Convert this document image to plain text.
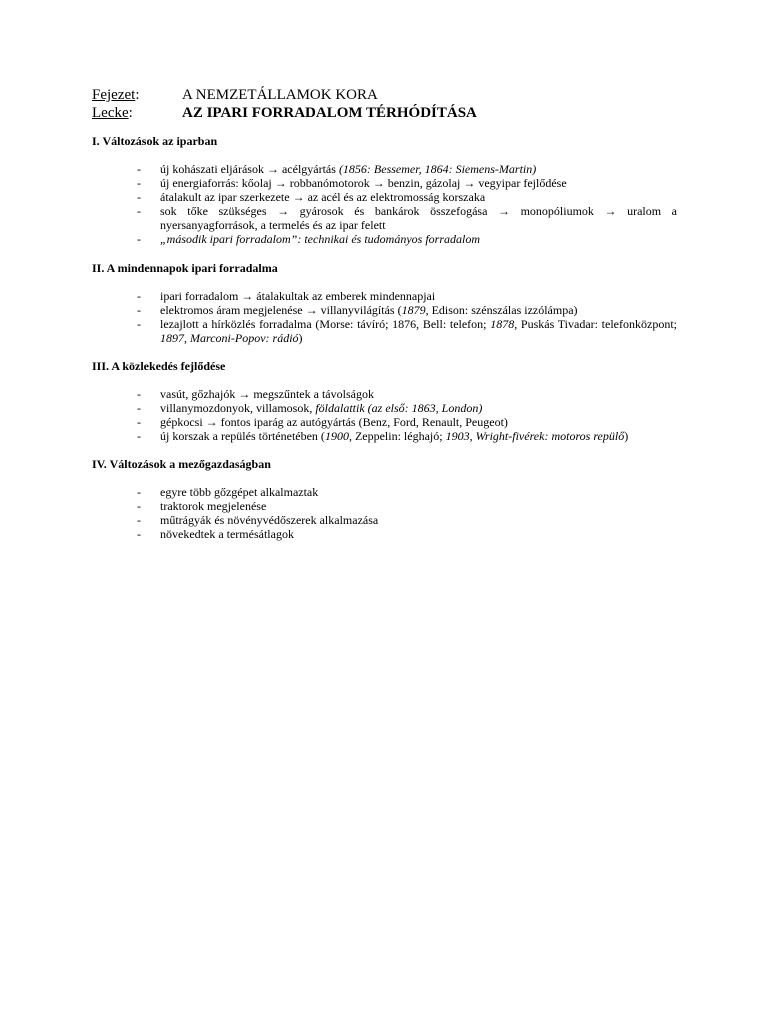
Fejezet:	A NEMZETÁLLAMOK KORA
Lecke:	AZ IPARI FORRADALOM TÉRHÓDÍTÁSA
I. Változások az iparban
- új kohászati eljárások → acélgyártás (1856: Bessemer, 1864: Siemens-Martin)
- új energiaforrás: kőolaj → robbanómotorok → benzin, gázolaj → vegyipar fejlődése
- átalakult az ipar szerkezete → az acél és az elektromosság korszaka
- sok tőke szükséges → gyárosok és bankárok összefogása → monopóliumok → uralom a nyersanyagforrások, a termelés és az ipar felett
- „második ipari forradalom”: technikai és tudományos forradalom
II. A mindennapok ipari forradalma
- ipari forradalom → átalakultak az emberek mindennapjai
- elektromos áram megjelenése → villanyvilágítás (1879, Edison: szénszálas izzólámpa)
- lezajlott a hírközlés forradalma (Morse: távíró; 1876, Bell: telefon; 1878, Puskás Tivadar: telefonközpont; 1897, Marconi-Popov: rádió)
III. A közlekedés fejlődése
- vasút, gőzhajók → megszűntek a távolságok
- villanymozdonyok, villamosok, földalattik (az első: 1863, London)
- gépkocsi → fontos iparág az autógyártás (Benz, Ford, Renault, Peugeot)
- új korszak a repülés történetében (1900, Zeppelin: léghajó; 1903, Wright-fivérek: motoros repülő)
IV. Változások a mezőgazdaságban
- egyre több gőzgépet alkalmaztak
- traktorok megjelenése
- műtrágyák és növényvédőszerek alkalmazása
- növekedtek a termésátlagok
